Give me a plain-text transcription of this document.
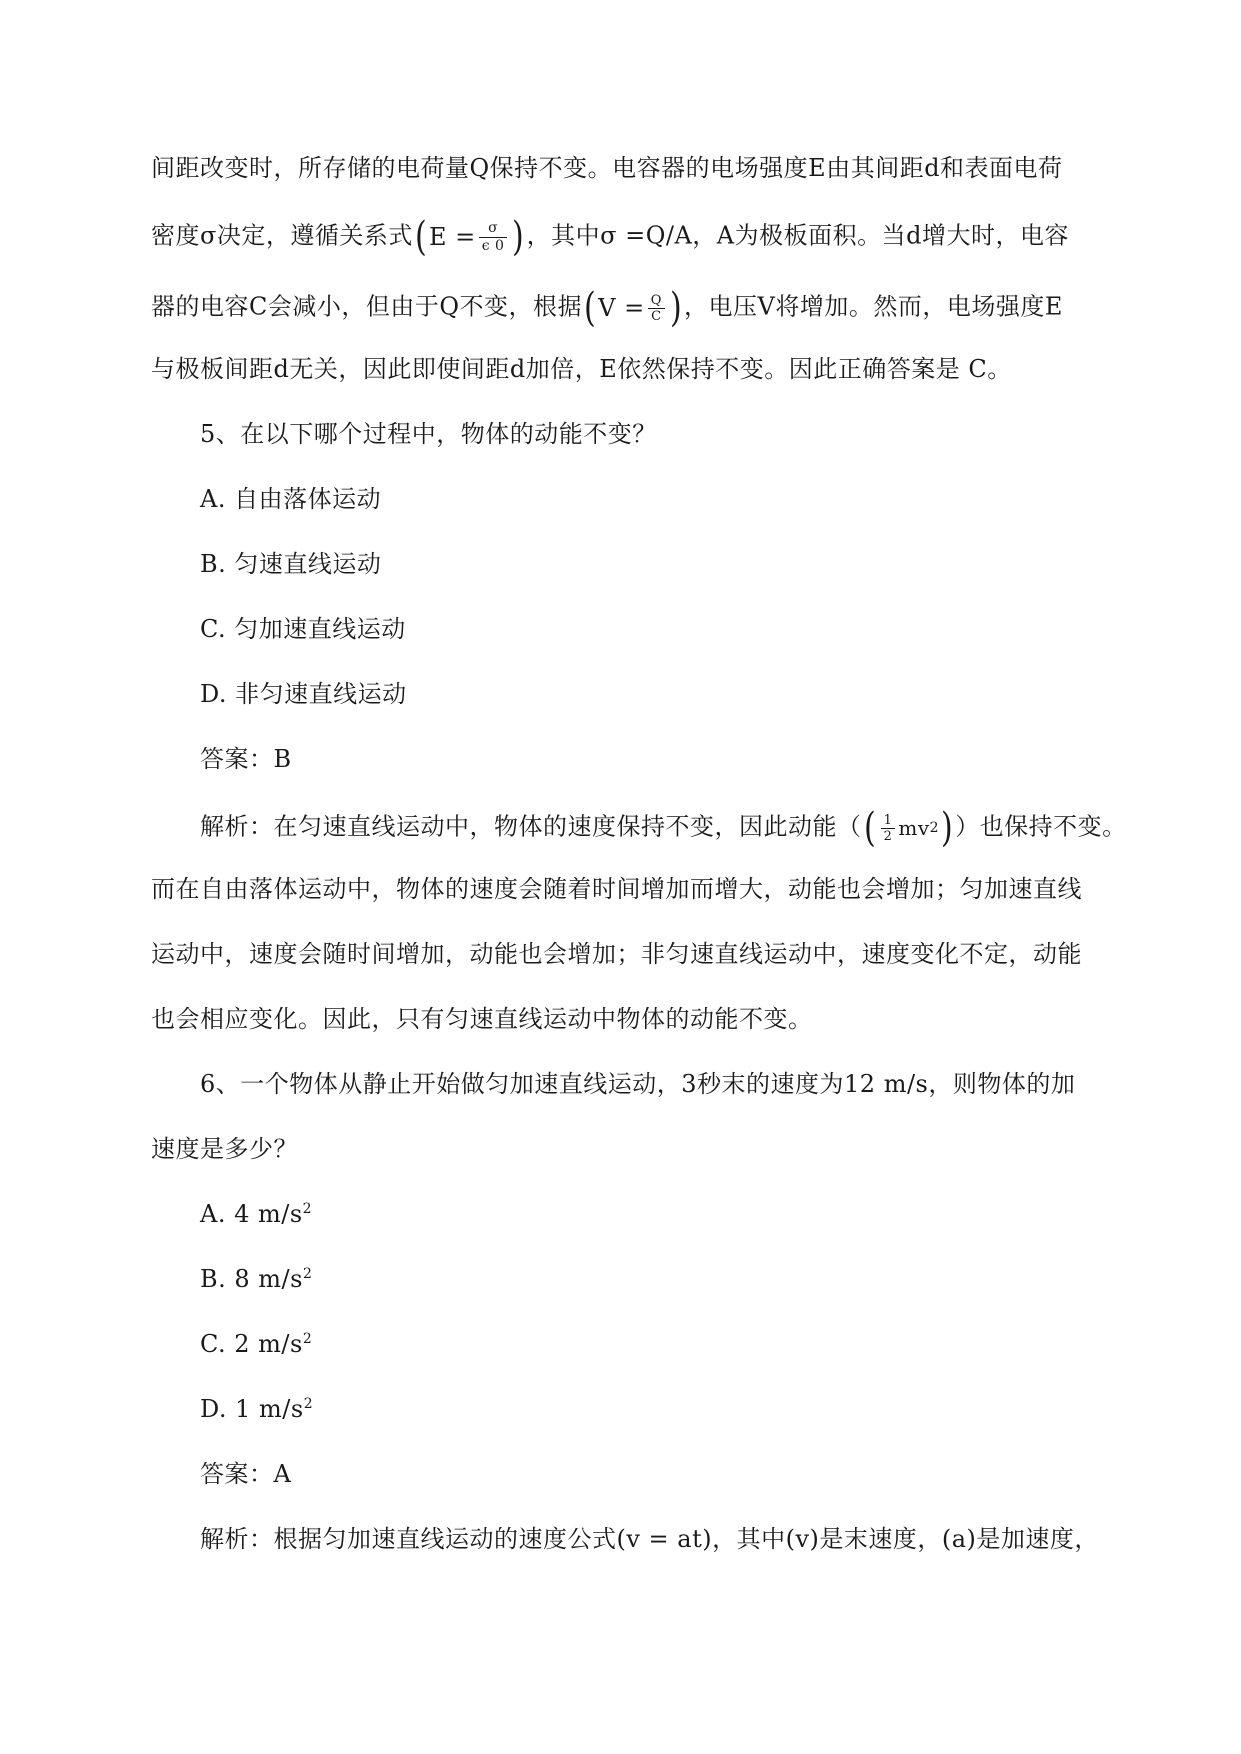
间距改变时，所存储的电荷量Q保持不变。电容器的电场强度E由其间距d和表面电荷
密度σ决定，遵循关系式 ( $E = \frac{\sigma}{\epsilon 0}$ ) ，其中σ =Q/A，A为极板面积。当d增大时，电容
器的电容C会减小，但由于Q不变，根据 ( $V = \frac{Q}{C}$ ) ，电压V将增加。然而，电场强度E
与极板间距d无关，因此即使间距d加倍，E依然保持不变。因此正确答案是 C。
5、在以下哪个过程中，物体的动能不变？
A. 自由落体运动
B. 匀速直线运动
C. 匀加速直线运动
D. 非匀速直线运动
答案：B
解析：在匀速直线运动中，物体的速度保持不变，因此动能（ ( $\frac{1}{2}$ mv 2 ) ）也保持不变。
而在自由落体运动中，物体的速度会随着时间增加而增大，动能也会增加；匀加速直线
运动中，速度会随时间增加，动能也会增加；非匀速直线运动中，速度变化不定，动能
也会相应变化。因此，只有匀速直线运动中物体的动能不变。
6、一个物体从静止开始做匀加速直线运动，3秒末的速度为12 m/s，则物体的加
速度是多少？
A. 4 $m/s^2$
B. 8 $m/s^2$
C. 2 $m/s^2$
D. 1 $m/s^2$
答案：A
解析：根据匀加速直线运动的速度公式(v = at)，其中(v)是末速度，(a)是加速度，
